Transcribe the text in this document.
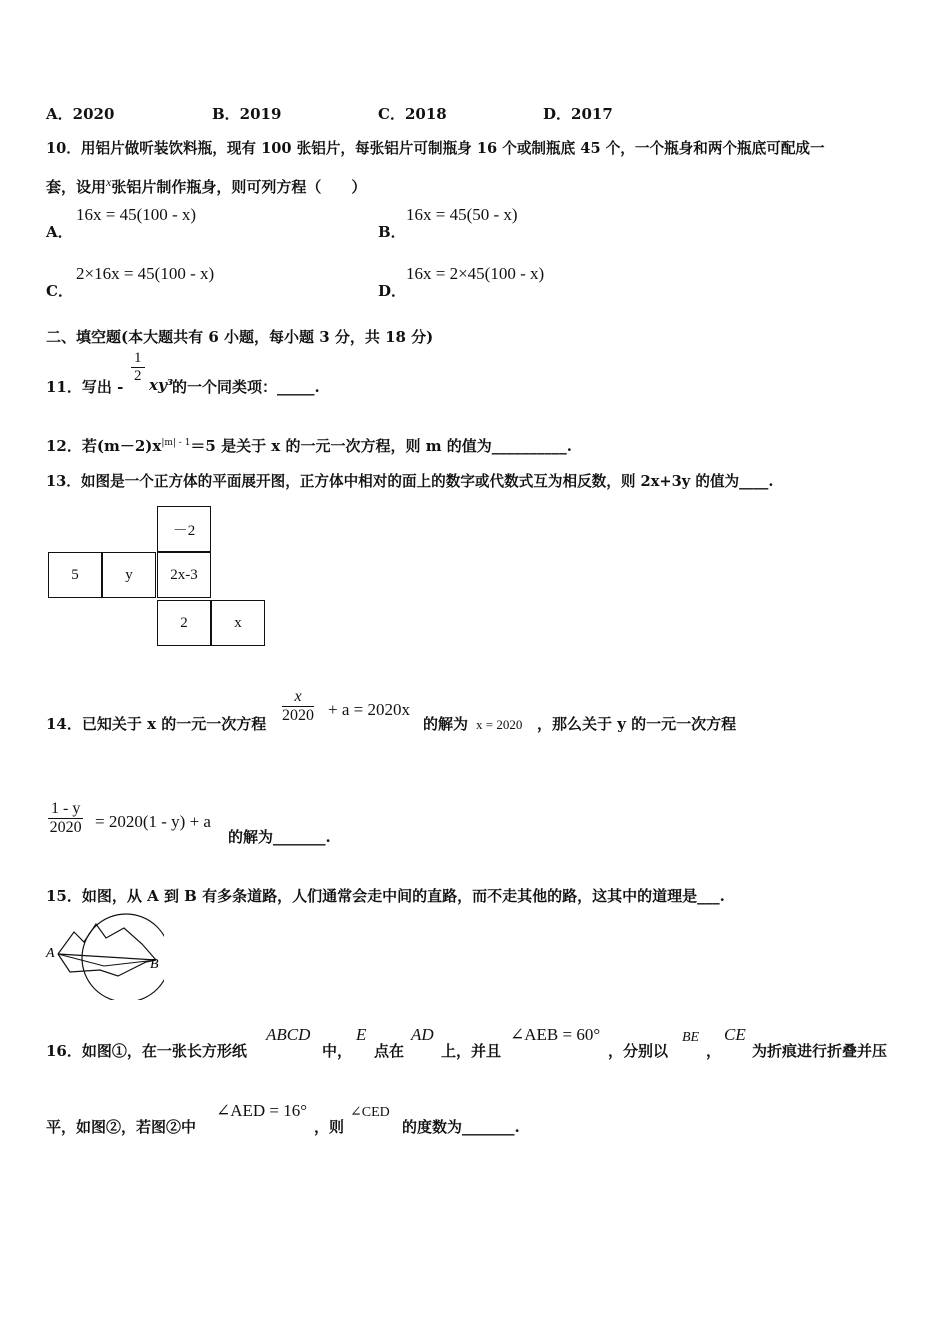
A．2020	B．2019	C．2018	D．2017
10．用铝片做听装饮料瓶，现有 100 张铝片，每张铝片可制瓶身 16 个或制瓶底 45 个，一个瓶身和两个瓶底可配成一
套，设用$^x$张铝片制作瓶身，则可列方程（　　）
A．
16x = 45(100 - x)
B．
16x = 45(50 - x)
C．
2×16x = 45(100 - x)
D．
16x = 2×45(100 - x)
二、填空题(本大题共有 6 小题，每小题 3 分，共 18 分)
11．写出 -
$\frac{1}{2} xy^3$
的一个同类项：_____.
12．若$(m-2)x^{|m| - 1}=5$ 是关于 x 的一元一次方程，则 m 的值为__________.
13．如图是一个正方体的平面展开图，正方体中相对的面上的数字或代数式互为相反数，则 2x+3y 的值为____.
－2
5	y	2x-3
2	x
14．已知关于 x 的一元一次方程 $\frac{x}{2020} + a = 2020x$
的解为 x = 2020 ，那么关于 y 的一元一次方程
$\frac{1 - y}{2020} = 2020(1 - y) + a$
的解为_______.
15．如图，从 A 到 B 有多条道路，人们通常会走中间的直路，而不走其他的路，这其中的道理是___.
A
B
16．如图①，在一张长方形纸
ABCD
中，
E
点在
AD
上，并且
∠AEB = 60°
，分别以
BE
，
CE
为折痕进行折叠并压
平，如图②，若图②中
∠AED = 16°
，则
∠CED
的度数为_______.
